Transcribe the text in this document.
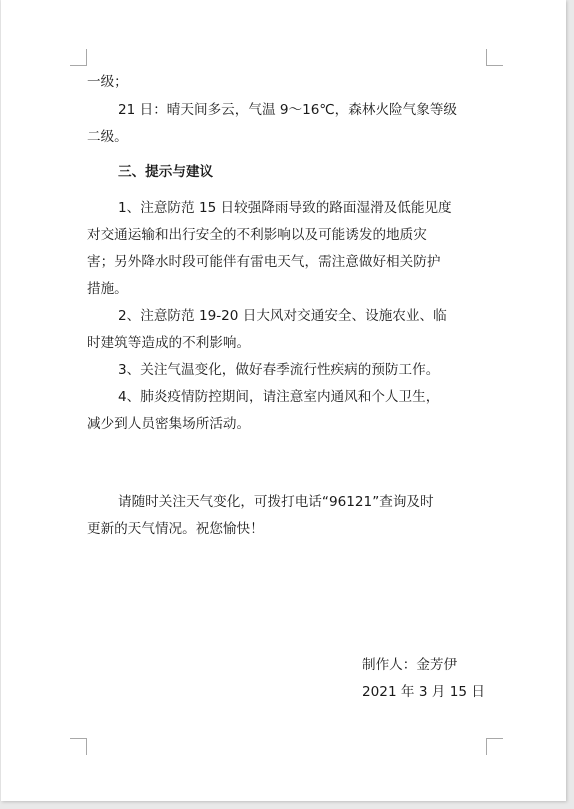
一级；

21 日：晴天间多云，气温 9～16℃，森林火险气象等级

二级。

三、提示与建议

1、注意防范 15 日较强降雨导致的路面湿滑及低能见度

对交通运输和出行安全的不利影响以及可能诱发的地质灾

害；另外降水时段可能伴有雷电天气，需注意做好相关防护

措施。

2、注意防范 19-20 日大风对交通安全、设施农业、临

时建筑等造成的不利影响。

3、关注气温变化，做好春季流行性疾病的预防工作。

4、肺炎疫情防控期间，请注意室内通风和个人卫生，

减少到人员密集场所活动。

请随时关注天气变化，可拨打电话“96121”查询及时

更新的天气情况。祝您愉快！

制作人：金芳伊

2021 年 3 月 15 日
